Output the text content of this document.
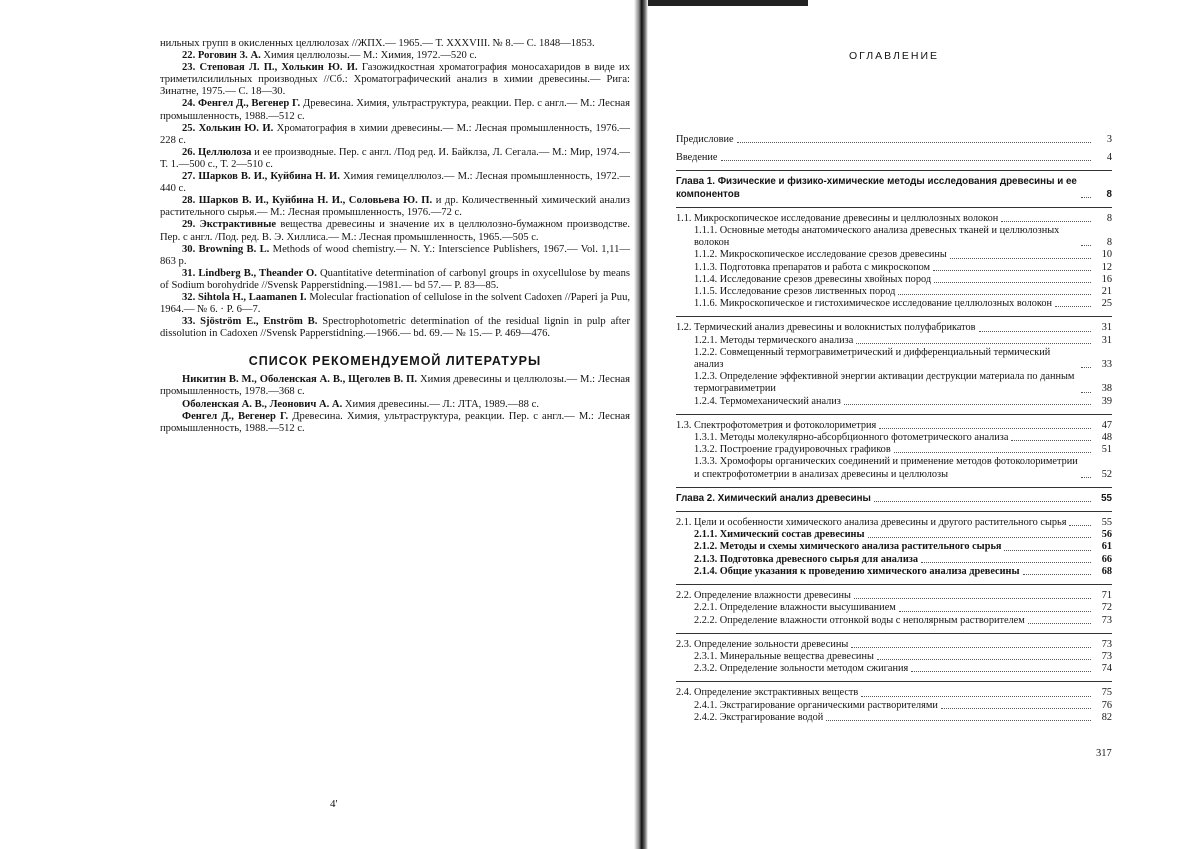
нильных групп в окисленных целлюлозах //ЖПХ.— 1965.— Т. XXXVIII. № 8.— С. 1848—1853.

22. Роговин З. А. Химия целлюлозы.— М.: Химия, 1972.—520 с.

23. Степовая Л. П., Холькин Ю. И. Газожидкостная хроматография моносахаридов в виде их триметилсилильных производных //Сб.: Хроматографический анализ в химии древесины.— Рига: Зинатне, 1975.— С. 18—30.

24. Фенгел Д., Вегенер Г. Древесина. Химия, ультраструктура, реакции. Пер. с англ.— М.: Лесная промышленность, 1988.—512 с.

25. Холькин Ю. И. Хроматография в химии древесины.— М.: Лесная промышленность, 1976.—228 с.

26. Целлюлоза и ее производные. Пер. с англ. /Под ред. И. Байклза, Л. Сегала.— М.: Мир, 1974.— Т. 1.—500 с., Т. 2—510 с.

27. Шарков В. И., Куйбина Н. И. Химия гемицеллюлоз.— М.: Лесная промышленность, 1972.—440 с.

28. Шарков В. И., Куйбина Н. И., Соловьева Ю. П. и др. Количественный химический анализ растительного сырья.— М.: Лесная промышленность, 1976.—72 с.

29. Экстрактивные вещества древесины и значение их в целлюлозно-бумажном производстве. Пер. с англ. /Под. ред. В. Э. Хиллиса.— М.: Лесная промышленность, 1965.—505 с.

30. Browning B. L. Methods of wood chemistry.— N. Y.: Interscience Publishers, 1967.— Vol. 1,11—863 p.

31. Lindberg B., Theander O. Quantitative determination of carbonyl groups in oxycellulose by means of Sodium borohydride //Svensk Papperstidning.—1981.— bd 57.— P. 83—85.

32. Sihtola H., Laamanen I. Molecular fractionation of cellulose in the solvent Cadoxen //Paperi ja Puu, 1964.— № 6. · P. 6—7.

33. Sjöström E., Enström B. Spectrophotometric determination of the residual lignin in pulp after dissolution in Cadoxen //Svensk Papperstidning.—1966.— bd. 69.— № 15.— P. 469—476.

СПИСОК РЕКОМЕНДУЕМОЙ ЛИТЕРАТУРЫ

Никитин В. М., Оболенская А. В., Щеголев В. П. Химия древесины и целлюлозы.— М.: Лесная промышленность, 1978.—368 с.

Оболенская А. В., Леонович А. А. Химия древесины.— Л.: ЛТА, 1989.—88 с.

Фенгел Д., Вегенер Г. Древесина. Химия, ультраструктура, реакции. Пер. с англ.— М.: Лесная промышленность, 1988.—512 с.

4'
ОГЛАВЛЕНИЕ
Предисловие	3
Введение	4
Глава 1. Физические и физико-химические методы исследования древесины и ее компонентов	8
1.1. Микроскопическое исследование древесины и целлюлозных волокон	8
1.1.1. Основные методы анатомического анализа древесных тканей и целлюлозных волокон	8
1.1.2. Микроскопическое исследование срезов древесины	10
1.1.3. Подготовка препаратов и работа с микроскопом	12
1.1.4. Исследование срезов древесины хвойных пород	16
1.1.5. Исследование срезов лиственных пород	21
1.1.6. Микроскопическое и гистохимическое исследование целлюлозных волокон	25
1.2. Термический анализ древесины и волокнистых полуфабрикатов	31
1.2.1. Методы термического анализа	31
1.2.2. Совмещенный термогравиметрический и дифференциальный термический анализ	33
1.2.3. Определение эффективной энергии активации деструкции материала по данным термогравиметрии	38
1.2.4. Термомеханический анализ	39
1.3. Спектрофотометрия и фотоколориметрия	47
1.3.1. Методы молекулярно-абсорбционного фотометрического анализа	48
1.3.2. Построение градуировочных графиков	51
1.3.3. Хромофоры органических соединений и применение методов фотоколориметрии и спектрофотометрии в анализах древесины и целлюлозы	52
Глава 2. Химический анализ древесины	55
2.1. Цели и особенности химического анализа древесины и другого растительного сырья	55
2.1.1. Химический состав древесины	56
2.1.2. Методы и схемы химического анализа растительного сырья	61
2.1.3. Подготовка древесного сырья для анализа	66
2.1.4. Общие указания к проведению химического анализа древесины	68
2.2. Определение влажности древесины	71
2.2.1. Определение влажности высушиванием	72
2.2.2. Определение влажности отгонкой воды с неполярным растворителем	73
2.3. Определение зольности древесины	73
2.3.1. Минеральные вещества древесины	73
2.3.2. Определение зольности методом сжигания	74
2.4. Определение экстрактивных веществ	75
2.4.1. Экстрагирование органическими растворителями	76
2.4.2. Экстрагирование водой	82
317
